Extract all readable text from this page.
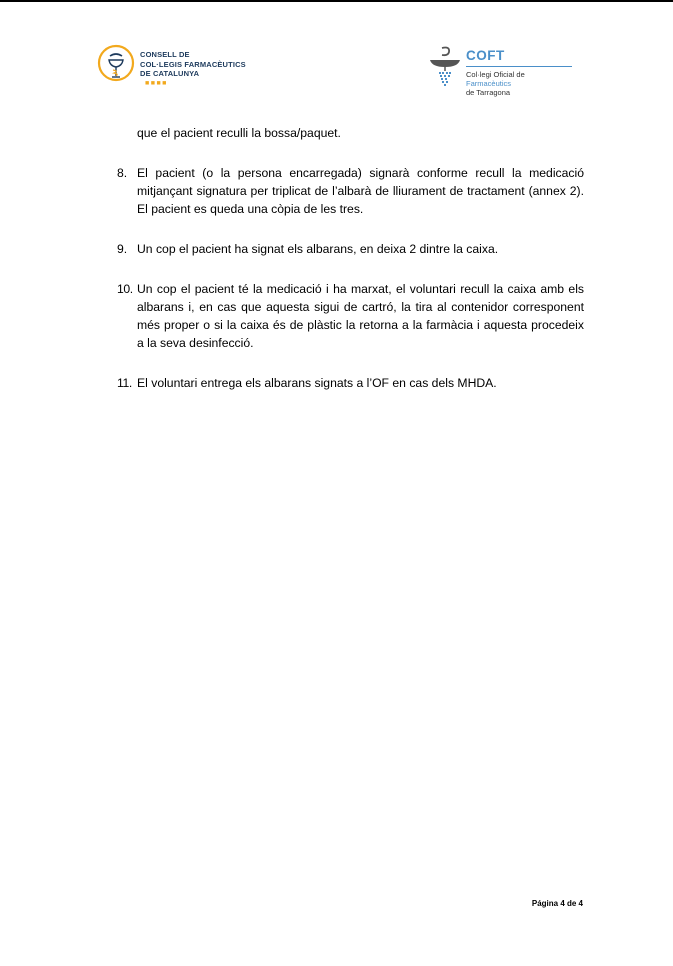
CONSELL DE
COL·LEGIS FARMACÈUTICS
DE CATALUNYA
■■■■
COFT
Col·legi Oficial de
Farmacèutics
de Tarragona

que el pacient reculli la bossa/paquet.

8. El pacient (o la persona encarregada) signarà conforme recull la medicació mitjançant signatura per triplicat de l’albarà de lliurament de tractament (annex 2). El pacient es queda una còpia de les tres.
9. Un cop el pacient ha signat els albarans, en deixa 2 dintre la caixa.
10. Un cop el pacient té la medicació i ha marxat, el voluntari recull la caixa amb els albarans i, en cas que aquesta sigui de cartró, la tira al contenidor corresponent més proper o si la caixa és de plàstic la retorna a la farmàcia i aquesta procedeix a la seva desinfecció.
11. El voluntari entrega els albarans signats a l’OF en cas dels MHDA.
Página 4 de 4
